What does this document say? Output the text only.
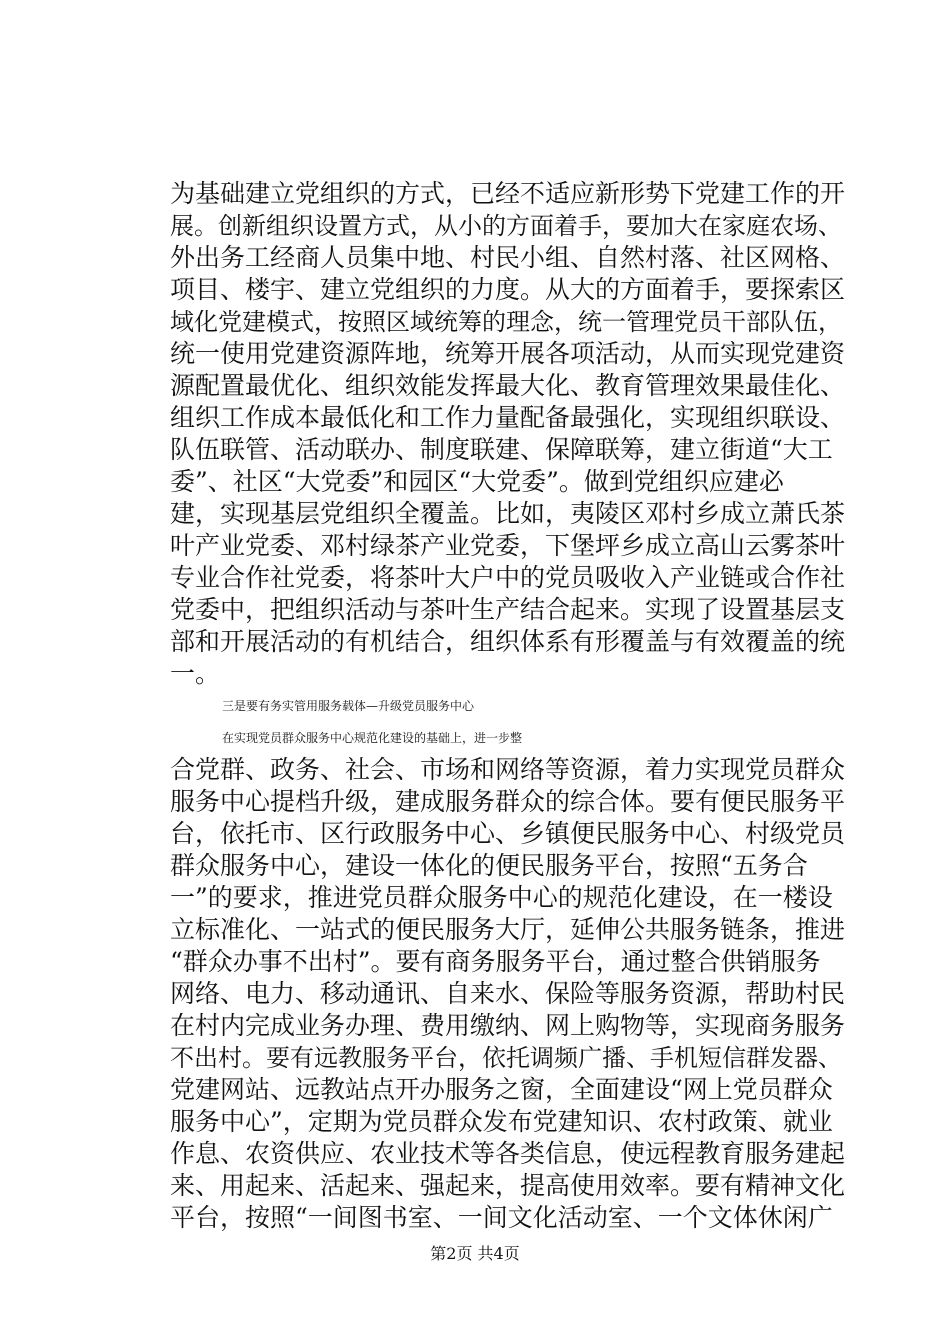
为基础建立党组织的方式，已经不适应新形势下党建工作的开
展。创新组织设置方式，从小的方面着手，要加大在家庭农场、
外出务工经商人员集中地、村民小组、自然村落、社区网格、
项目、楼宇、建立党组织的力度。从大的方面着手，要探索区
域化党建模式，按照区域统筹的理念，统一管理党员干部队伍，
统一使用党建资源阵地，统筹开展各项活动，从而实现党建资
源配置最优化、组织效能发挥最大化、教育管理效果最佳化、
组织工作成本最低化和工作力量配备最强化，实现组织联设、
队伍联管、活动联办、制度联建、保障联筹，建立街道“大工
委”、社区“大党委”和园区“大党委”。做到党组织应建必
建，实现基层党组织全覆盖。比如，夷陵区邓村乡成立萧氏茶
叶产业党委、邓村绿茶产业党委，下堡坪乡成立高山云雾茶叶
专业合作社党委，将茶叶大户中的党员吸收入产业链或合作社
党委中，把组织活动与茶叶生产结合起来。实现了设置基层支
部和开展活动的有机结合，组织体系有形覆盖与有效覆盖的统
一。
三是要有务实管用服务载体—升级党员服务中心
在实现党员群众服务中心规范化建设的基础上，进一步整
合党群、政务、社会、市场和网络等资源，着力实现党员群众
服务中心提档升级，建成服务群众的综合体。要有便民服务平
台，依托市、区行政服务中心、乡镇便民服务中心、村级党员
群众服务中心，建设一体化的便民服务平台，按照“五务合
一”的要求，推进党员群众服务中心的规范化建设，在一楼设
立标准化、一站式的便民服务大厅，延伸公共服务链条，推进
“群众办事不出村”。要有商务服务平台，通过整合供销服务
网络、电力、移动通讯、自来水、保险等服务资源，帮助村民
在村内完成业务办理、费用缴纳、网上购物等，实现商务服务
不出村。要有远教服务平台，依托调频广播、手机短信群发器、
党建网站、远教站点开办服务之窗，全面建设“网上党员群众
服务中心”，定期为党员群众发布党建知识、农村政策、就业
作息、农资供应、农业技术等各类信息，使远程教育服务建起
来、用起来、活起来、强起来，提高使用效率。要有精神文化
平台，按照“一间图书室、一间文化活动室、一个文体休闲广
第2页 共4页
